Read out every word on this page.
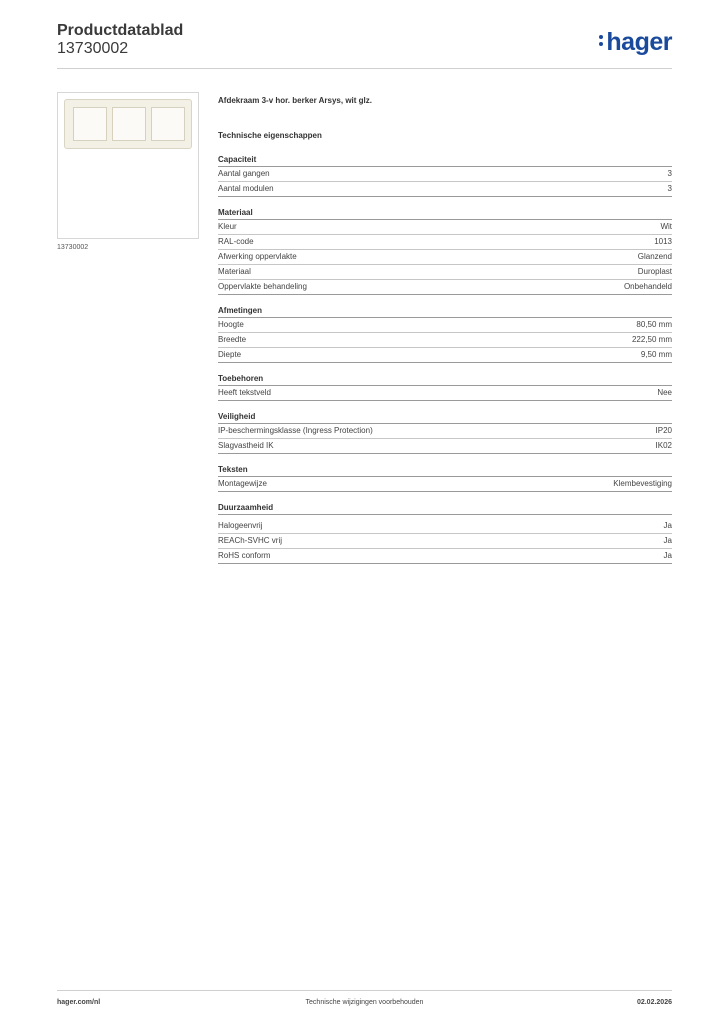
Productdatablad
13730002	hager
13730002
Afdekraam 3-v hor. berker Arsys, wit glz.
Technische eigenschappen
Capaciteit
Aantal gangen	3
Aantal modulen	3
Materiaal
Kleur	Wit
RAL-code	1013
Afwerking oppervlakte	Glanzend
Materiaal	Duroplast
Oppervlakte behandeling	Onbehandeld
Afmetingen
Hoogte	80,50 mm
Breedte	222,50 mm
Diepte	9,50 mm
Toebehoren
Heeft tekstveld	Nee
Veiligheid
IP-beschermingsklasse (Ingress Protection)	IP20
Slagvastheid IK	IK02
Teksten
Montagewijze	Klembevestiging
Duurzaamheid
Halogeenvrij	Ja
REACh-SVHC vrij	Ja
RoHS conform	Ja
hager.com/nl	Technische wijzigingen voorbehouden	02.02.2026
